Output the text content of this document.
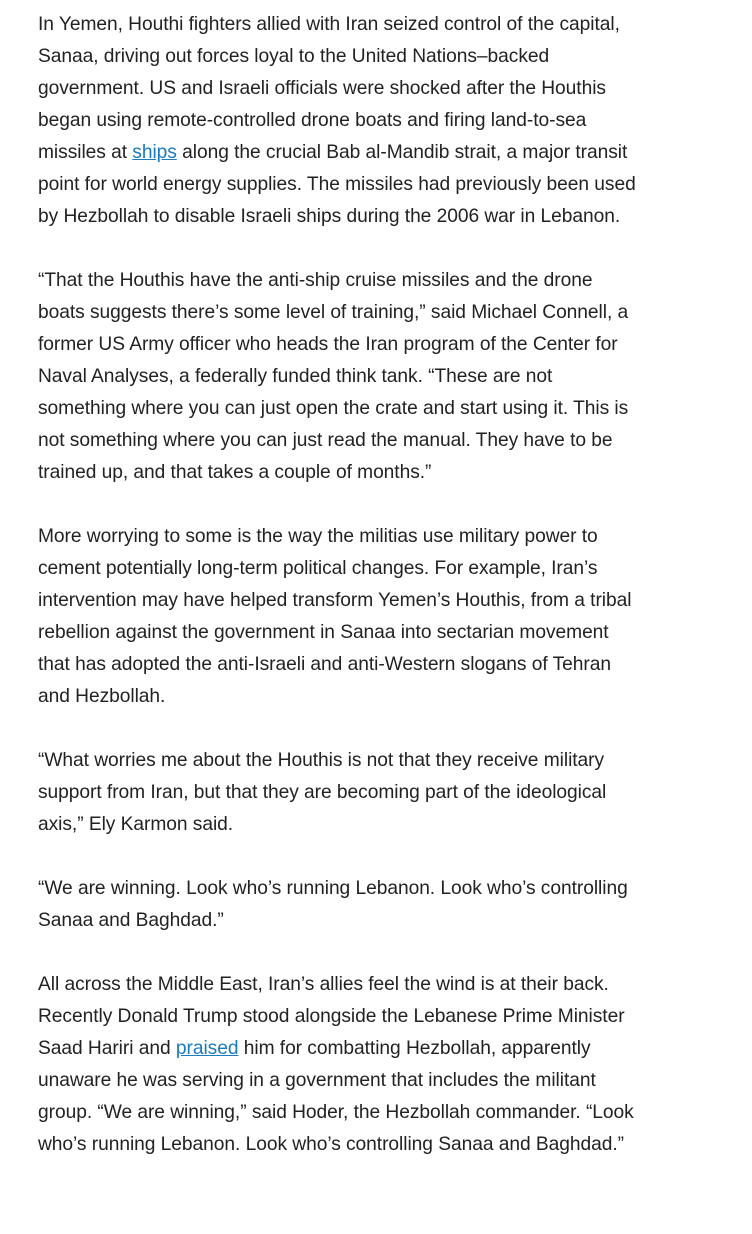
In Yemen, Houthi fighters allied with Iran seized control of the capital, Sanaa, driving out forces loyal to the United Nations–backed government. US and Israeli officials were shocked after the Houthis began using remote-controlled drone boats and firing land-to-sea missiles at ships along the crucial Bab al-Mandib strait, a major transit point for world energy supplies. The missiles had previously been used by Hezbollah to disable Israeli ships during the 2006 war in Lebanon.

“That the Houthis have the anti-ship cruise missiles and the drone boats suggests there’s some level of training,” said Michael Connell, a former US Army officer who heads the Iran program of the Center for Naval Analyses, a federally funded think tank. “These are not something where you can just open the crate and start using it. This is not something where you can just read the manual. They have to be trained up, and that takes a couple of months.”

More worrying to some is the way the militias use military power to cement potentially long-term political changes. For example, Iran’s intervention may have helped transform Yemen’s Houthis, from a tribal rebellion against the government in Sanaa into sectarian movement that has adopted the anti-Israeli and anti-Western slogans of Tehran and Hezbollah.

“What worries me about the Houthis is not that they receive military support from Iran, but that they are becoming part of the ideological axis,” Ely Karmon said.

“We are winning. Look who’s running Lebanon. Look who’s controlling Sanaa and Baghdad.”

All across the Middle East, Iran’s allies feel the wind is at their back. Recently Donald Trump stood alongside the Lebanese Prime Minister Saad Hariri and praised him for combatting Hezbollah, apparently unaware he was serving in a government that includes the militant group. “We are winning,” said Hoder, the Hezbollah commander. “Look who’s running Lebanon. Look who’s controlling Sanaa and Baghdad.”
